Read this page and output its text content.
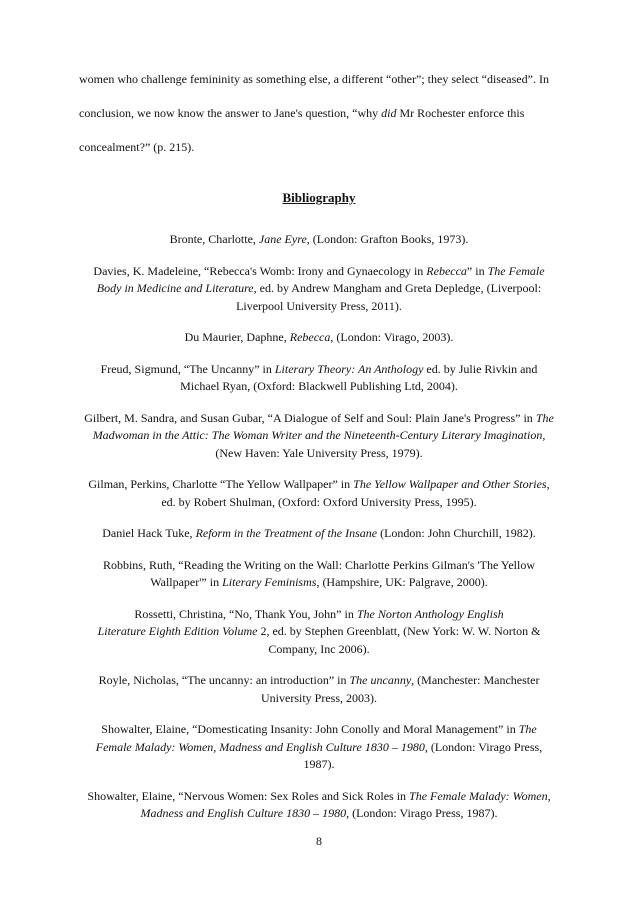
women who challenge femininity as something else, a different “other”; they select “diseased”. In

conclusion, we now know the answer to Jane's question, “why did Mr Rochester enforce this

concealment?” (p. 215).

Bibliography

Bronte, Charlotte, Jane Eyre, (London: Grafton Books, 1973).

Davies, K. Madeleine, “Rebecca's Womb: Irony and Gynaecology in Rebecca” in The Female
Body in Medicine and Literature, ed. by Andrew Mangham and Greta Depledge, (Liverpool:
Liverpool University Press, 2011).

Du Maurier, Daphne, Rebecca, (London: Virago, 2003).

Freud, Sigmund, “The Uncanny” in Literary Theory: An Anthology ed. by Julie Rivkin and
Michael Ryan, (Oxford: Blackwell Publishing Ltd, 2004).

Gilbert, M. Sandra, and Susan Gubar, “A Dialogue of Self and Soul: Plain Jane's Progress” in The
Madwoman in the Attic: The Woman Writer and the Nineteenth-Century Literary Imagination,
(New Haven: Yale University Press, 1979).

Gilman, Perkins, Charlotte “The Yellow Wallpaper” in The Yellow Wallpaper and Other Stories,
ed. by Robert Shulman, (Oxford: Oxford University Press, 1995).

Daniel Hack Tuke, Reform in the Treatment of the Insane (London: John Churchill, 1982).

Robbins, Ruth, “Reading the Writing on the Wall: Charlotte Perkins Gilman's 'The Yellow
Wallpaper'” in Literary Feminisms, (Hampshire, UK: Palgrave, 2000).

Rossetti, Christina, “No, Thank You, John” in The Norton Anthology English
Literature Eighth Edition Volume 2, ed. by Stephen Greenblatt, (New York: W. W. Norton &
Company, Inc 2006).

Royle, Nicholas, “The uncanny: an introduction” in The uncanny, (Manchester: Manchester
University Press, 2003).

Showalter, Elaine, “Domesticating Insanity: John Conolly and Moral Management” in The
Female Malady: Women, Madness and English Culture 1830 – 1980, (London: Virago Press,
1987).

Showalter, Elaine, “Nervous Women: Sex Roles and Sick Roles in The Female Malady: Women,
Madness and English Culture 1830 – 1980, (London: Virago Press, 1987).

8
